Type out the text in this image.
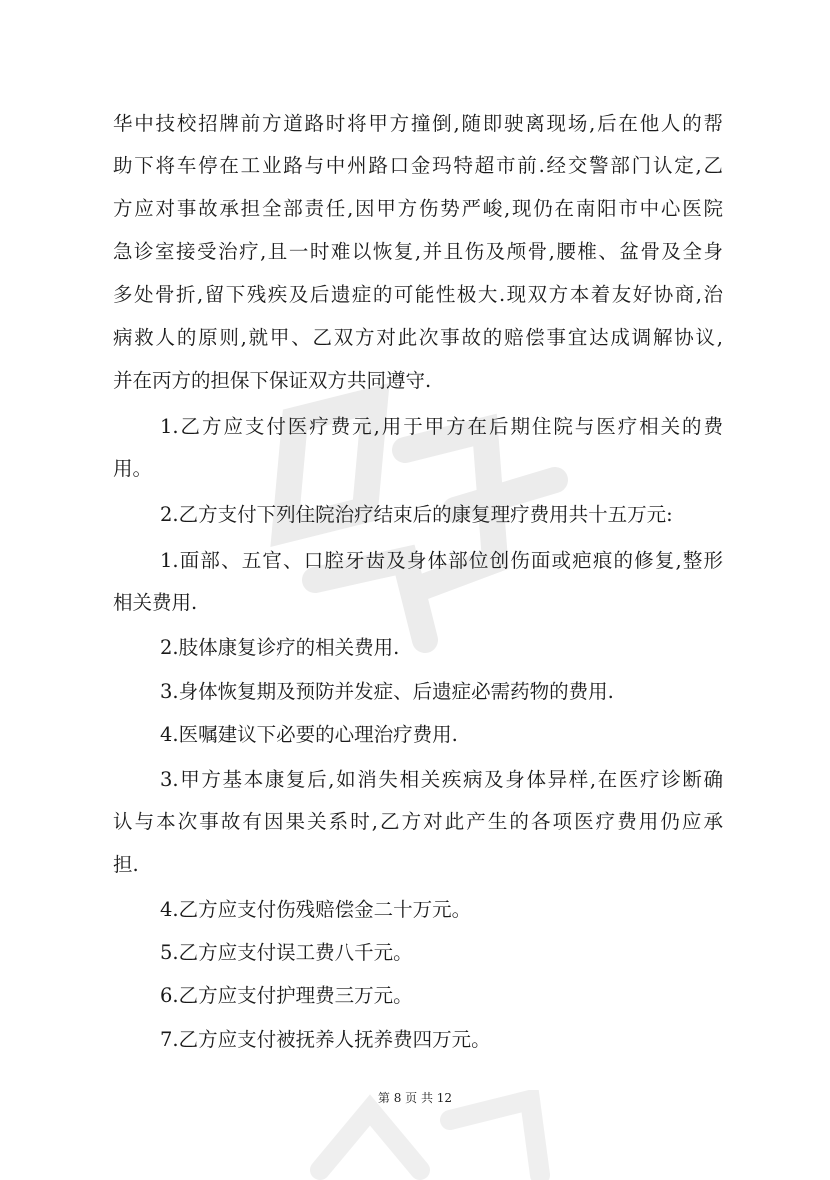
华中技校招牌前方道路时将甲方撞倒,随即驶离现场,后在他人的帮
助下将车停在工业路与中州路口金玛特超市前.经交警部门认定,乙
方应对事故承担全部责任,因甲方伤势严峻,现仍在南阳市中心医院
急诊室接受治疗,且一时难以恢复,并且伤及颅骨,腰椎、盆骨及全身
多处骨折,留下残疾及后遗症的可能性极大.现双方本着友好协商,治
病救人的原则,就甲、乙双方对此次事故的赔偿事宜达成调解协议,
并在丙方的担保下保证双方共同遵守.
1.乙方应支付医疗费元,用于甲方在后期住院与医疗相关的费
用。
2.乙方支付下列住院治疗结束后的康复理疗费用共十五万元:
1.面部、五官、口腔牙齿及身体部位创伤面或疤痕的修复,整形
相关费用.
2.肢体康复诊疗的相关费用.
3.身体恢复期及预防并发症、后遗症必需药物的费用.
4.医嘱建议下必要的心理治疗费用.
3.甲方基本康复后,如消失相关疾病及身体异样,在医疗诊断确
认与本次事故有因果关系时,乙方对此产生的各项医疗费用仍应承
担.
4.乙方应支付伤残赔偿金二十万元。
5.乙方应支付误工费八千元。
6.乙方应支付护理费三万元。
7.乙方应支付被抚养人抚养费四万元。
第 8 页 共 12
